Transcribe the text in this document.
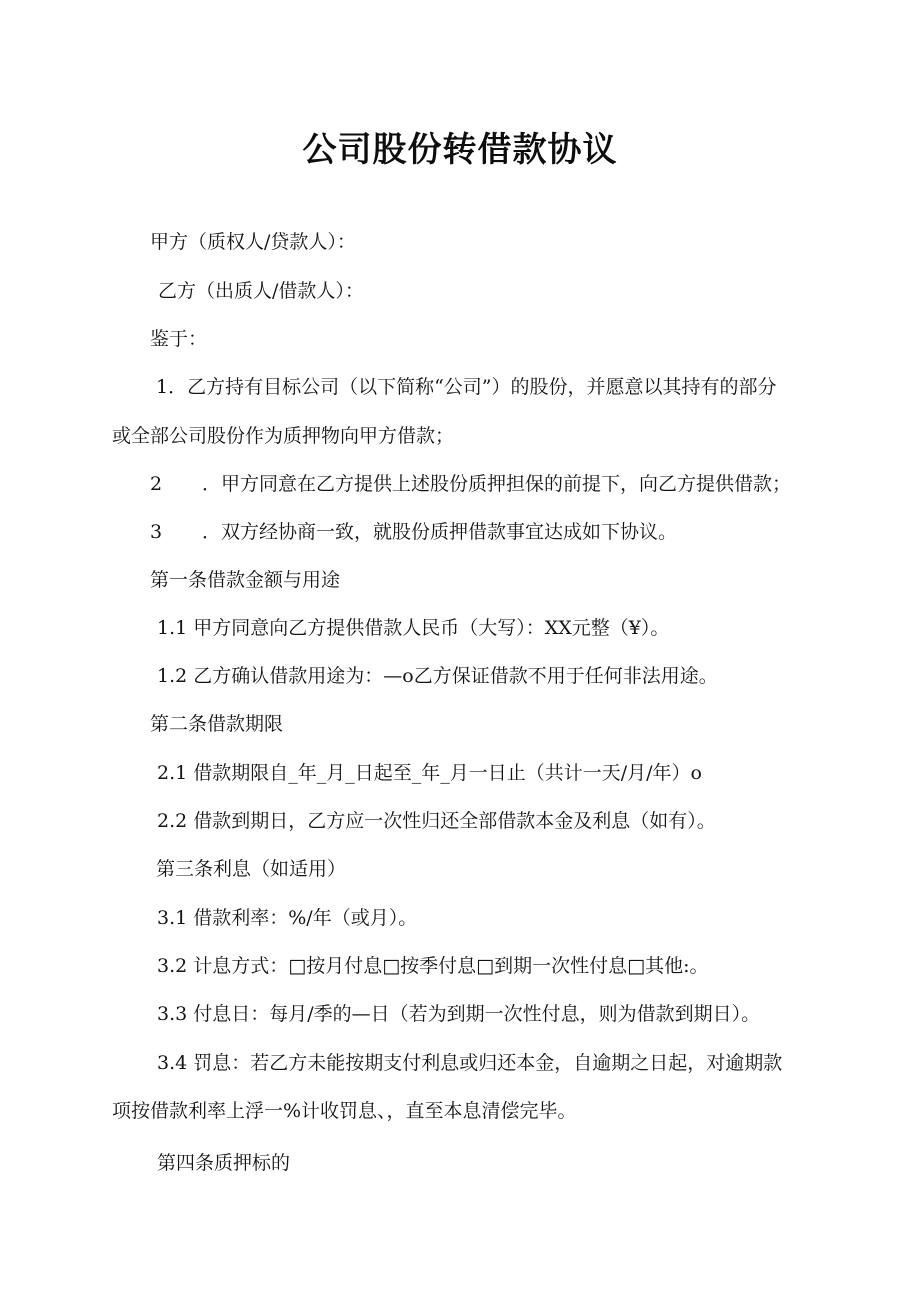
公司股份转借款协议
甲方（质权人/贷款人）：
乙方（出质人/借款人）：
鉴于：
1．乙方持有目标公司（以下简称“公司”）的股份，并愿意以其持有的部分
或全部公司股份作为质押物向甲方借款；
2 ．甲方同意在乙方提供上述股份质押担保的前提下，向乙方提供借款；
3 ．双方经协商一致，就股份质押借款事宜达成如下协议。
第一条借款金额与用途
1.1 甲方同意向乙方提供借款人民币（大写）：XX元整（¥）。
1.2 乙方确认借款用途为：—o乙方保证借款不用于任何非法用途。
第二条借款期限
2.1 借款期限自_年_月_日起至_年_月一日止（共计一天/月/年）o
2.2 借款到期日，乙方应一次性归还全部借款本金及利息（如有）。
第三条利息（如适用）
3.1 借款利率：%/年（或月）。
3.2 计息方式：□按月付息□按季付息□到期一次性付息□其他:。
3.3 付息日：每月/季的—日（若为到期一次性付息，则为借款到期日）。
3.4 罚息：若乙方未能按期支付利息或归还本金，自逾期之日起，对逾期款
项按借款利率上浮一%计收罚息、，直至本息清偿完毕。
第四条质押标的
